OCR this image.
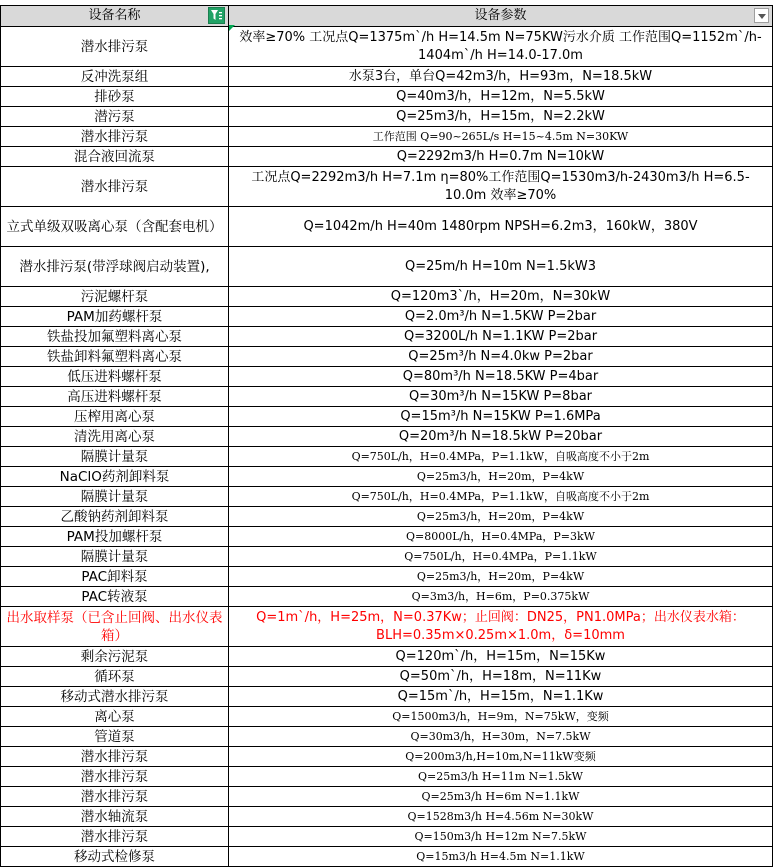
设备名称	设备参数

潜水排污泵	效率≥70% 工况点Q=1375m`/h H=14.5m N=75KW污水介质 工作范围Q=1152m`/h-1404m`/h H=14.0-17.0m
反冲洗泵组	水泵3台，单台Q=42m3/h，H=93m，N=18.5kW
排砂泵	Q=40m3/h，H=12m，N=5.5kW
潜污泵	Q=25m3/h，H=15m，N=2.2kW
潜水排污泵	工作范围 Q=90~265L/s H=15~4.5m N=30KW
混合液回流泵	Q=2292m3/h H=0.7m N=10kW
潜水排污泵	工况点Q=2292m3/h H=7.1m η=80%工作范围Q=1530m3/h-2430m3/h H=6.5-10.0m 效率≥70%
立式单级双吸离心泵（含配套电机）	Q=1042m/h H=40m 1480rpm NPSH=6.2m3，160kW，380V
潜水排污泵(带浮球阀启动装置),	Q=25m/h H=10m N=1.5kW3
污泥螺杆泵	Q=120m3`/h，H=20m，N=30kW
PAM加药螺杆泵	Q=2.0m³/h N=1.5KW P=2bar
铁盐投加氟塑料离心泵	Q=3200L/h N=1.1KW P=2bar
铁盐卸料氟塑料离心泵	Q=25m³/h N=4.0kw P=2bar
低压进料螺杆泵	Q=80m³/h N=18.5KW P=4bar
高压进料螺杆泵	Q=30m³/h N=15KW P=8bar
压榨用离心泵	Q=15m³/h N=15KW P=1.6MPa
清洗用离心泵	Q=20m³/h N=18.5kW P=20bar
隔膜计量泵	Q=750L/h，H=0.4MPa，P=1.1kW，自吸高度不小于2m
NaClO药剂卸料泵	Q=25m3/h，H=20m，P=4kW
隔膜计量泵	Q=750L/h，H=0.4MPa，P=1.1kW，自吸高度不小于2m
乙酸钠药剂卸料泵	Q=25m3/h，H=20m，P=4kW
PAM投加螺杆泵	Q=8000L/h，H=0.4MPa，P=3kW
隔膜计量泵	Q=750L/h，H=0.4MPa，P=1.1kW
PAC卸料泵	Q=25m3/h，H=20m，P=4kW
PAC转液泵	Q=3m3/h，H=6m，P=0.375kW
出水取样泵（已含止回阀、出水仪表箱）	Q=1m`/h，H=25m，N=0.37Kw；止回阀：DN25，PN1.0MPa；出水仪表水箱：BLH=0.35m×0.25m×1.0m，δ=10mm
剩余污泥泵	Q=120m`/h，H=15m，N=15Kw
循环泵	Q=50m`/h，H=18m，N=11Kw
移动式潜水排污泵	Q=15m`/h，H=15m，N=1.1Kw
离心泵	Q=1500m3/h，H=9m，N=75kW，变频
管道泵	Q=30m3/h，H=30m，N=7.5kW
潜水排污泵	Q=200m3/h,H=10m,N=11kW变频
潜水排污泵	Q=25m3/h H=11m N=1.5kW
潜水排污泵	Q=25m3/h H=6m N=1.1kW
潜水轴流泵	Q=1528m3/h H=4.56m N=30kW
潜水排污泵	Q=150m3/h H=12m N=7.5kW
移动式检修泵	Q=15m3/h H=4.5m N=1.1kW
